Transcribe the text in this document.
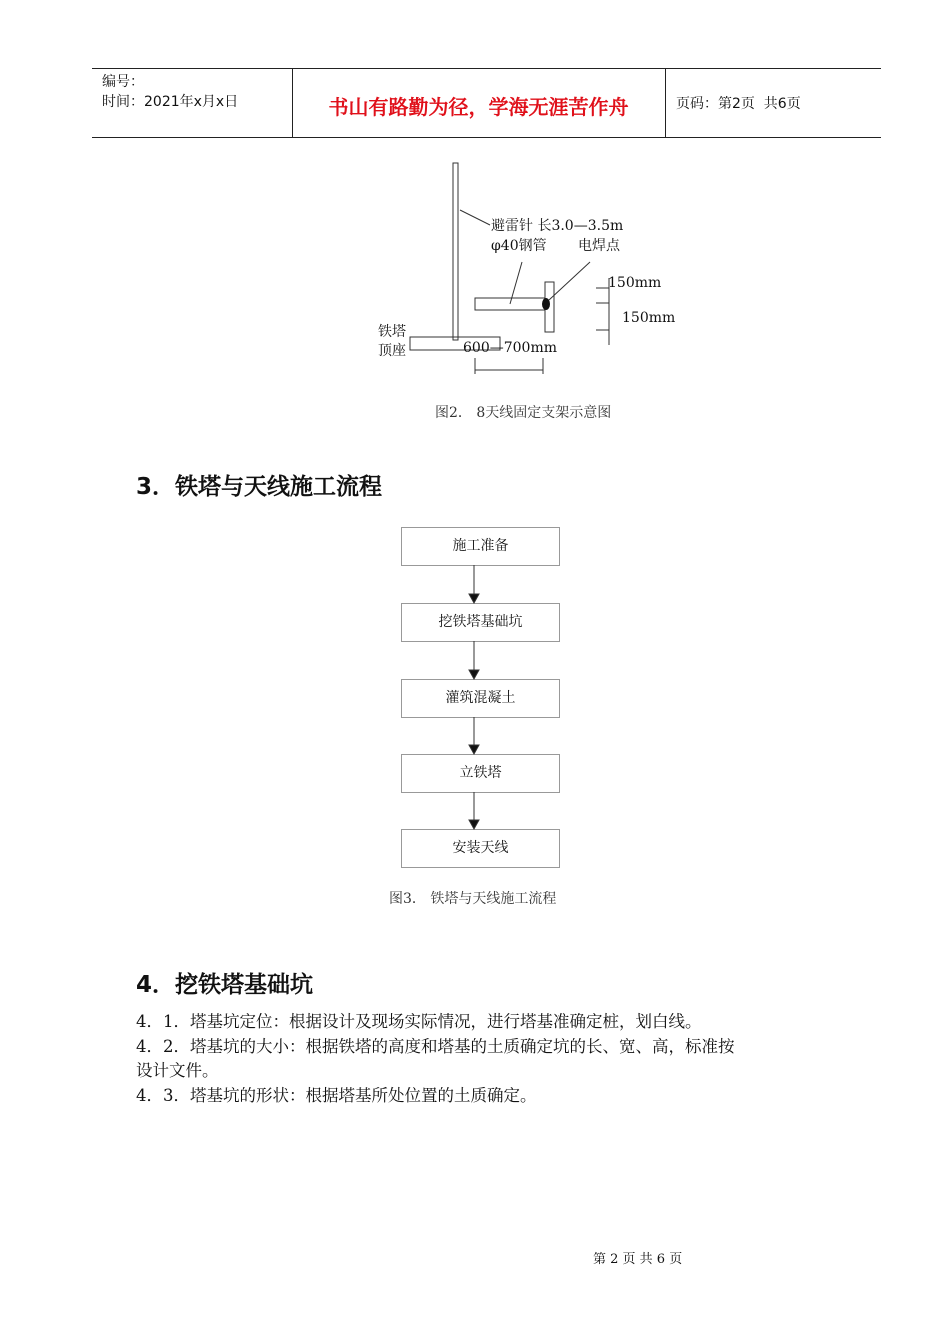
编号：
时间：2021年x月x日	书山有路勤为径，学海无涯苦作舟	页码：第2页  共6页
避雷针 长3.0—3.5m
φ40钢管 电焊点
150mm
150mm
铁塔
顶座	600—700mm
图2． 8天线固定支架示意图
3．铁塔与天线施工流程
施工准备
挖铁塔基础坑
灌筑混凝土
立铁塔
安装天线
图3． 铁塔与天线施工流程
4．挖铁塔基础坑
4．1．塔基坑定位：根据设计及现场实际情况，进行塔基准确定桩，划白线。
4．2．塔基坑的大小：根据铁塔的高度和塔基的土质确定坑的长、宽、高，标准按
设计文件。
4．3．塔基坑的形状：根据塔基所处位置的土质确定。
第 2 页 共 6 页
